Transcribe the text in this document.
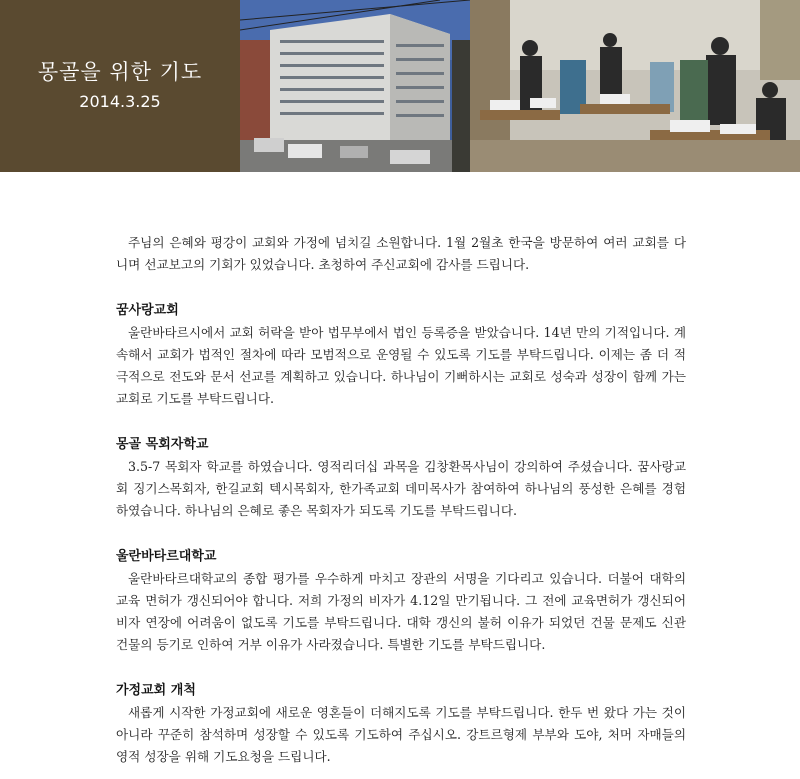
몽골을 위한 기도
2014.3.25
주님의 은혜와 평강이 교회와 가정에 넘치길 소원합니다. 1월 2월초 한국을 방문하여 여러 교회를 다니며 선교보고의 기회가 있었습니다. 초청하여 주신교회에 감사를 드립니다.
꿈사랑교회
울란바타르시에서 교회 허락을 받아 법무부에서 법인 등록증을 받았습니다. 14년 만의 기적입니다. 계속해서 교회가 법적인 절차에 따라 모범적으로 운영될 수 있도록 기도를 부탁드립니다. 이제는 좀 더 적극적으로 전도와 문서 선교를 계획하고 있습니다. 하나님이 기뻐하시는 교회로 성숙과 성장이 함께 가는 교회로 기도를 부탁드립니다.
몽골 목회자학교
3.5-7 목회자 학교를 하였습니다. 영적리더십 과목을 김창환목사님이 강의하여 주셨습니다. 꿈사랑교회 징기스목회자, 한길교회 텍시목회자, 한가족교회 데미목사가 참여하여 하나님의 풍성한 은혜를 경험하였습니다. 하나님의 은혜로 좋은 목회자가 되도록 기도를 부탁드립니다.
울란바타르대학교
울란바타르대학교의 종합 평가를 우수하게 마치고 장관의 서명을 기다리고 있습니다. 더불어 대학의 교육 면허가 갱신되어야 합니다. 저희 가정의 비자가 4.12일 만기됩니다. 그 전에 교육면허가 갱신되어 비자 연장에 어려움이 없도록 기도를 부탁드립니다. 대학 갱신의 불허 이유가 되었던 건물 문제도 신관 건물의 등기로 인하여 거부 이유가 사라졌습니다. 특별한 기도를 부탁드립니다.
가정교회 개척
새롭게 시작한 가정교회에 새로운 영혼들이 더해지도록 기도를 부탁드립니다. 한두 번 왔다 가는 것이 아니라 꾸준히 참석하며 성장할 수 있도록 기도하여 주십시오. 강트르형제 부부와 도야, 처머 자매들의 영적 성장을 위해 기도요청을 드립니다.
